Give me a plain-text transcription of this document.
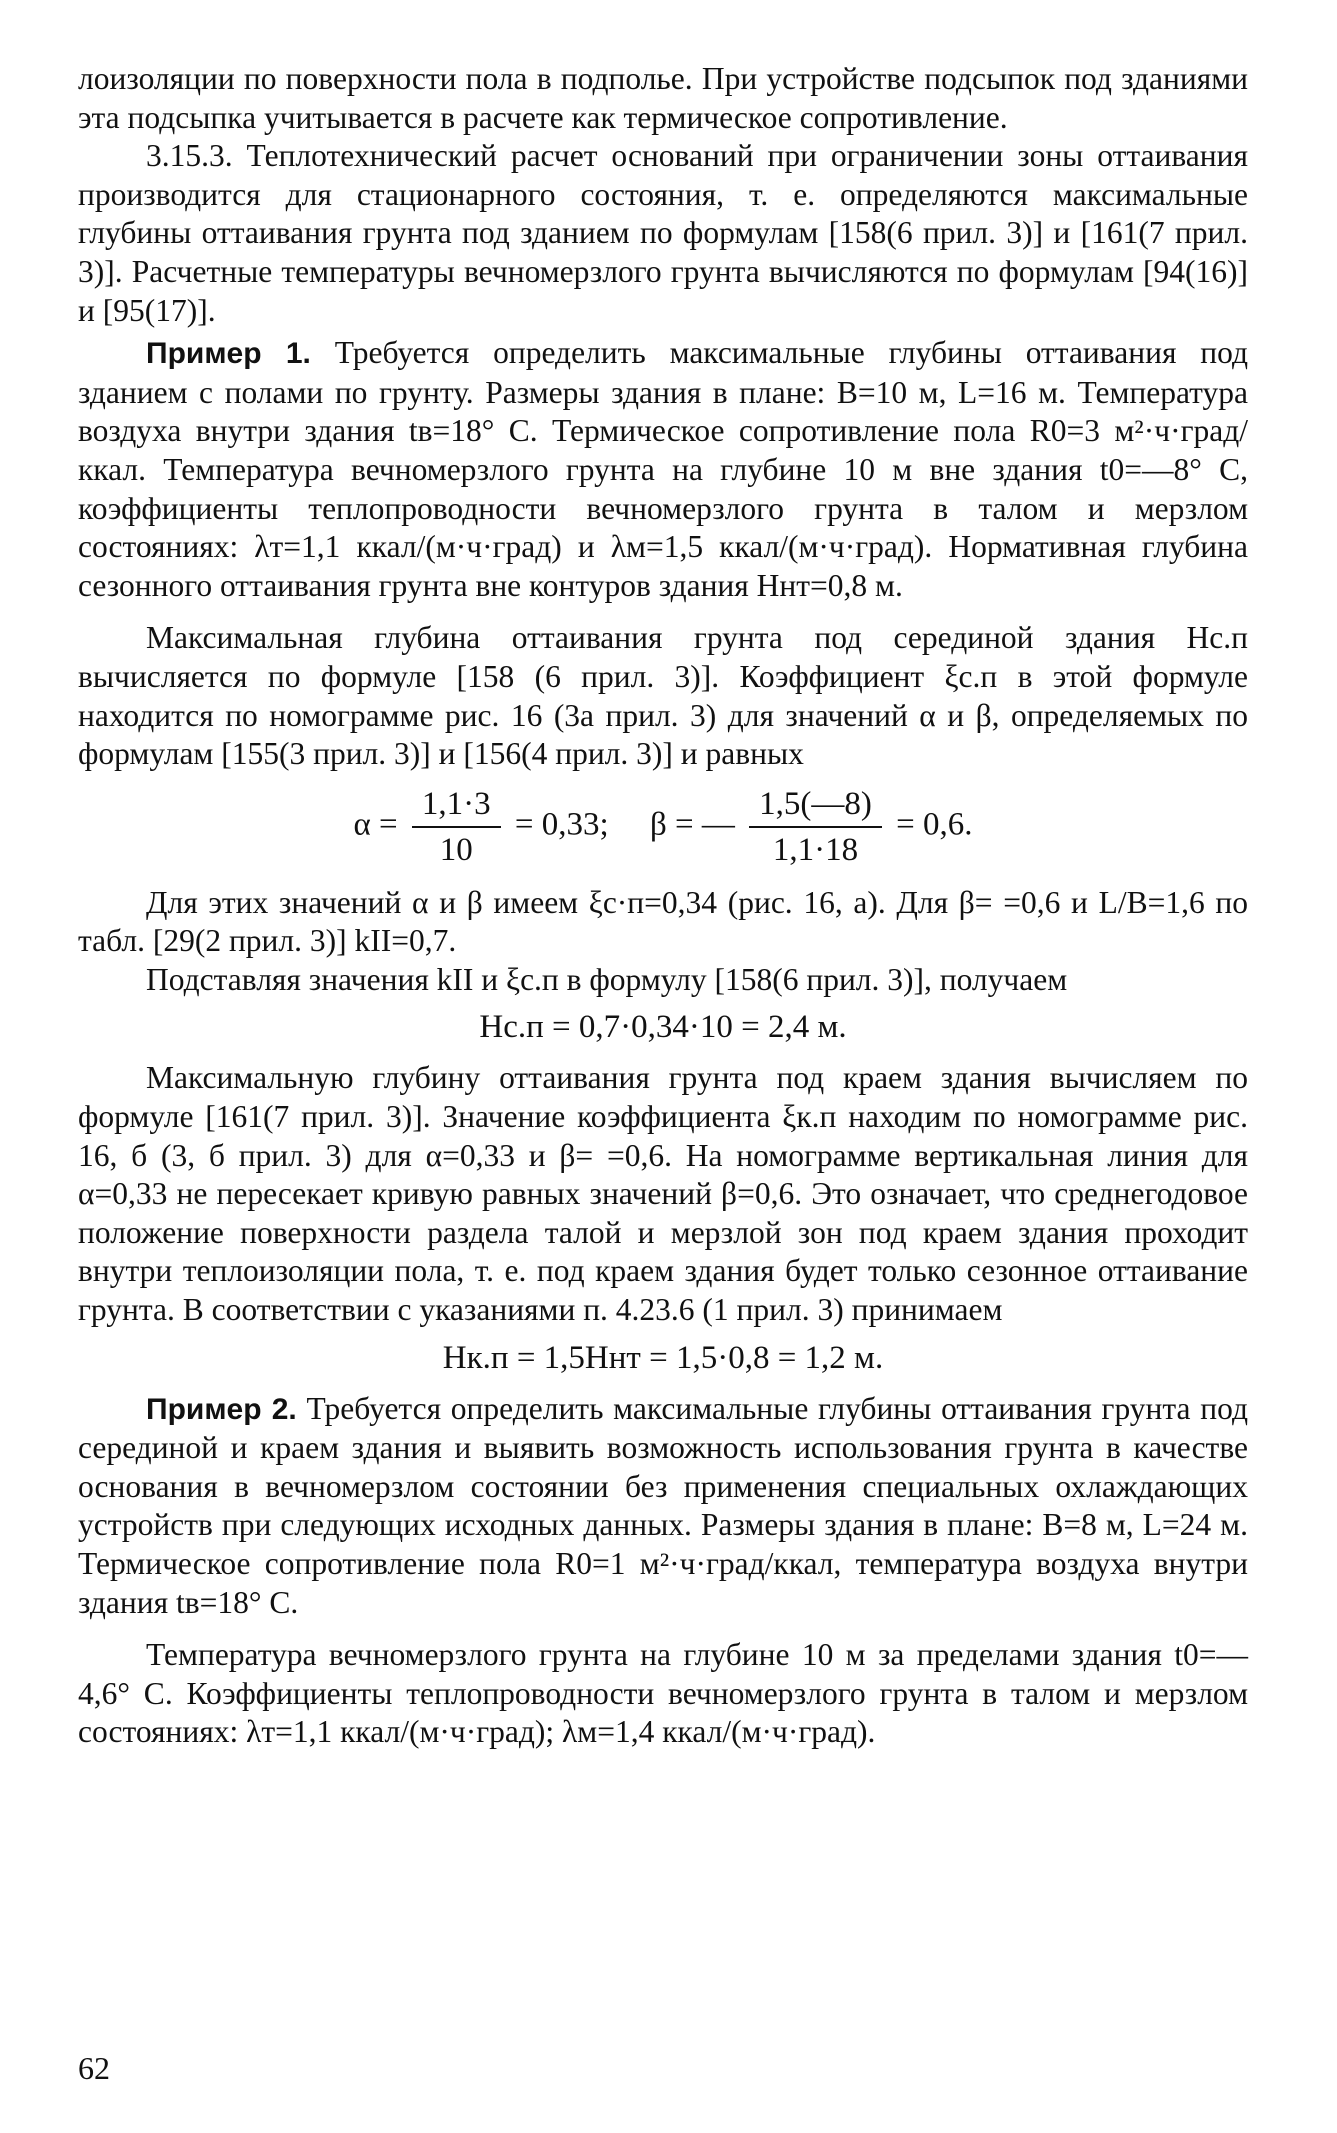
лоизоляции по поверхности пола в подполье. При устройстве подсыпок под зданиями эта подсыпка учитывается в расчете как термическое сопротивление.

3.15.3. Теплотехнический расчет оснований при ограничении зоны оттаивания производится для стационарного состояния, т. е. определяются максимальные глубины оттаивания грунта под зданием по формулам [158(6 прил. 3)] и [161(7 прил. 3)]. Расчетные температуры вечномерзлого грунта вычисляются по формулам [94(16)] и [95(17)].

Пример 1. Требуется определить максимальные глубины оттаивания под зданием с полами по грунту. Размеры здания в плане: B=10 м, L=16 м. Температура воздуха внутри здания tв=18° C. Термическое сопротивление пола R0=3 м²·ч·град/ккал. Температура вечномерзлого грунта на глубине 10 м вне здания t0=—8° C, коэффициенты теплопроводности вечномерзлого грунта в талом и мерзлом состояниях: λт=1,1 ккал/(м·ч·град) и λм=1,5 ккал/(м·ч·град). Нормативная глубина сезонного оттаивания грунта вне контуров здания Hнт=0,8 м.

Максимальная глубина оттаивания грунта под серединой здания Hс.п вычисляется по формуле [158 (6 прил. 3)]. Коэффициент ξс.п в этой формуле находится по номограмме рис. 16 (3а прил. 3) для значений α и β, определяемых по формулам [155(3 прил. 3)] и [156(4 прил. 3)] и равных

$\alpha = \frac{1,1\cdot 3}{10} = 0,33$; β = — $\frac{1,5(—8)}{1,1\cdot 18} = 0,6$.

Для этих значений α и β имеем ξс·п=0,34 (рис. 16, а). Для β= =0,6 и L/B=1,6 по табл. [29(2 прил. 3)] kII=0,7.

Подставляя значения kII и ξс.п в формулу [158(6 прил. 3)], получаем

Hс.п = 0,7·0,34·10 = 2,4 м.

Максимальную глубину оттаивания грунта под краем здания вычисляем по формуле [161(7 прил. 3)]. Значение коэффициента ξк.п находим по номограмме рис. 16, б (3, б прил. 3) для α=0,33 и β= =0,6. На номограмме вертикальная линия для α=0,33 не пересекает кривую равных значений β=0,6. Это означает, что среднегодовое положение поверхности раздела талой и мерзлой зон под краем здания проходит внутри теплоизоляции пола, т. е. под краем здания будет только сезонное оттаивание грунта. В соответствии с указаниями п. 4.23.6 (1 прил. 3) принимаем

Hк.п = 1,5Hнт = 1,5·0,8 = 1,2 м.

Пример 2. Требуется определить максимальные глубины оттаивания грунта под серединой и краем здания и выявить возможность использования грунта в качестве основания в вечномерзлом состоянии без применения специальных охлаждающих устройств при следующих исходных данных. Размеры здания в плане: B=8 м, L=24 м. Термическое сопротивление пола R0=1 м²·ч·град/ккал, температура воздуха внутри здания tв=18° C.

Температура вечномерзлого грунта на глубине 10 м за пределами здания t0=—4,6° C. Коэффициенты теплопроводности вечномерзлого грунта в талом и мерзлом состояниях: λт=1,1 ккал/(м·ч·град); λм=1,4 ккал/(м·ч·град).

62
